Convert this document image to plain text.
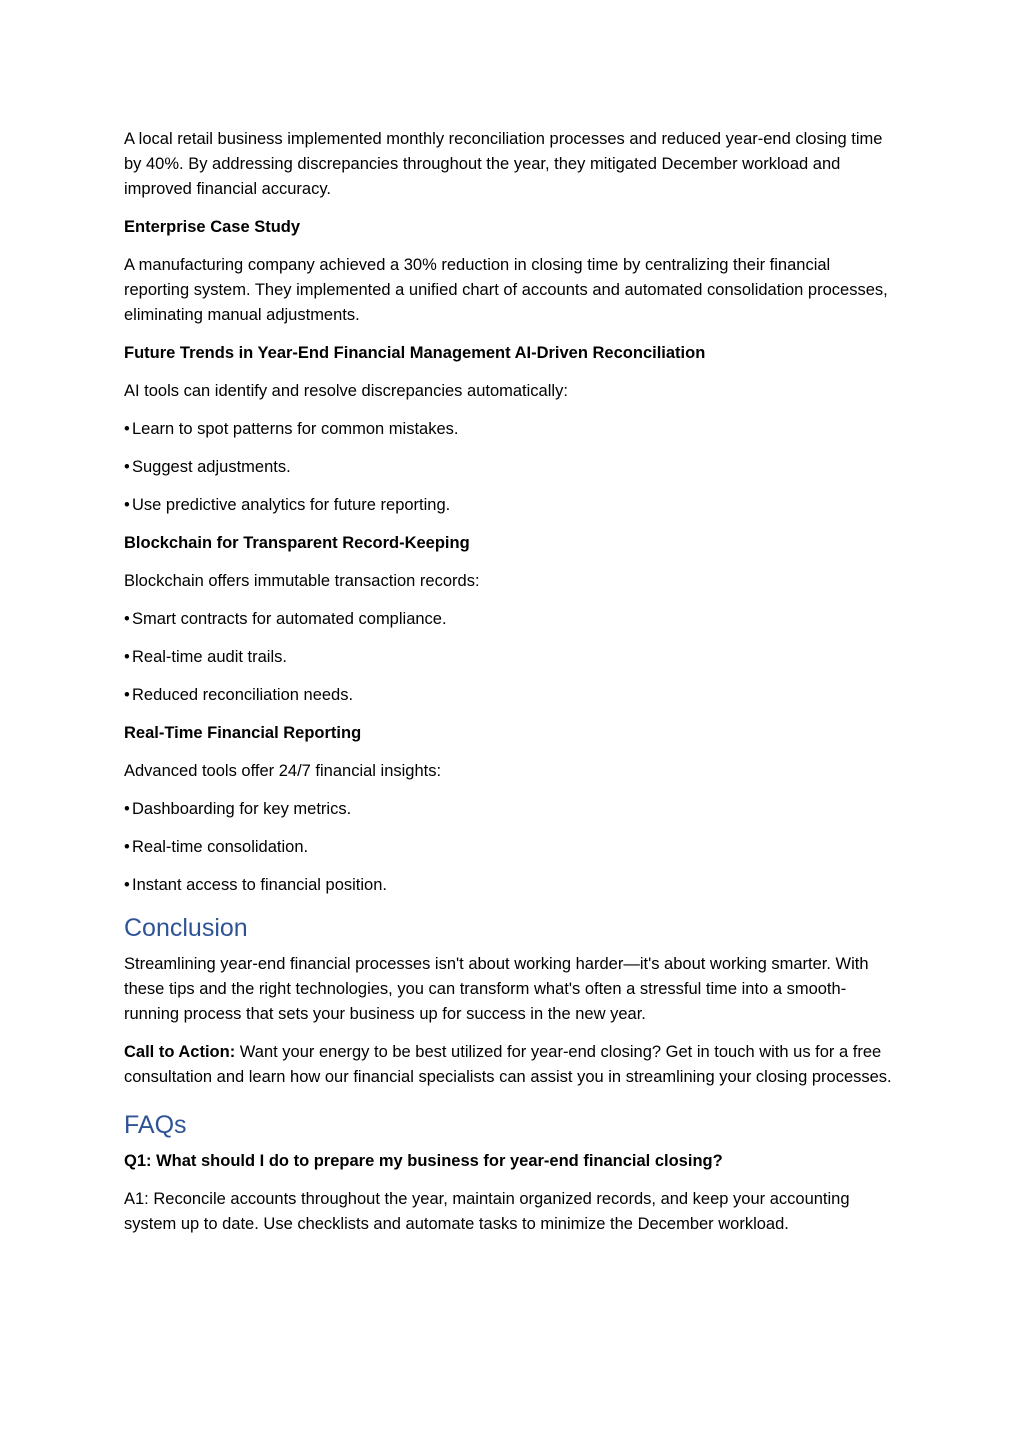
A local retail business implemented monthly reconciliation processes and reduced year-end closing time by 40%. By addressing discrepancies throughout the year, they mitigated December workload and improved financial accuracy.

Enterprise Case Study

A manufacturing company achieved a 30% reduction in closing time by centralizing their financial reporting system. They implemented a unified chart of accounts and automated consolidation processes, eliminating manual adjustments.

Future Trends in Year-End Financial Management AI-Driven Reconciliation

AI tools can identify and resolve discrepancies automatically:

• Learn to spot patterns for common mistakes.

• Suggest adjustments.

• Use predictive analytics for future reporting.

Blockchain for Transparent Record-Keeping

Blockchain offers immutable transaction records:

• Smart contracts for automated compliance.

• Real-time audit trails.

• Reduced reconciliation needs.

Real-Time Financial Reporting

Advanced tools offer 24/7 financial insights:

• Dashboarding for key metrics.

• Real-time consolidation.

• Instant access to financial position.

Conclusion

Streamlining year-end financial processes isn't about working harder—it's about working smarter. With these tips and the right technologies, you can transform what's often a stressful time into a smooth-running process that sets your business up for success in the new year.

Call to Action: Want your energy to be best utilized for year-end closing? Get in touch with us for a free consultation and learn how our financial specialists can assist you in streamlining your closing processes.

FAQs

Q1: What should I do to prepare my business for year-end financial closing?

A1: Reconcile accounts throughout the year, maintain organized records, and keep your accounting system up to date. Use checklists and automate tasks to minimize the December workload.
